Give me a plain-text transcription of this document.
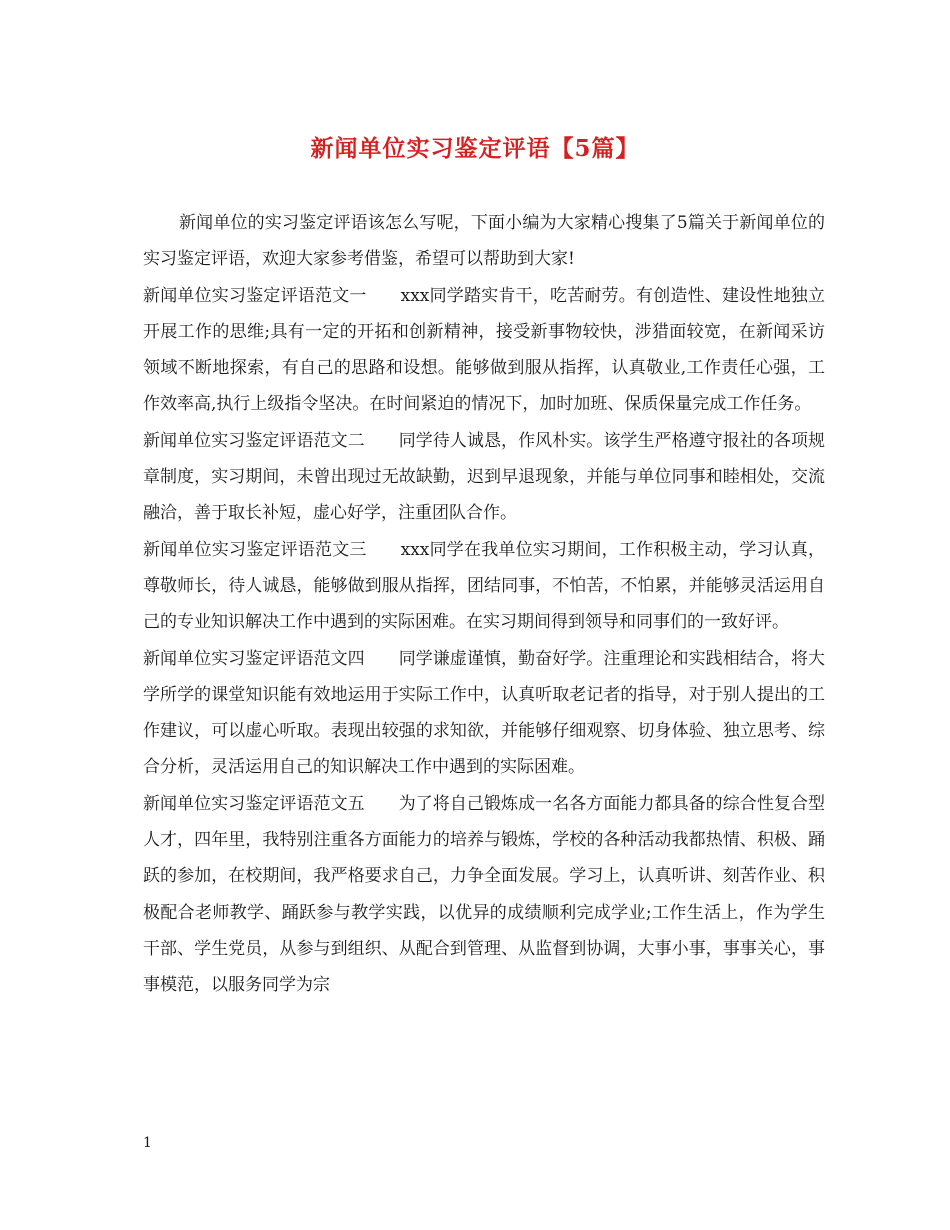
新闻单位实习鉴定评语【5篇】

新闻单位的实习鉴定评语该怎么写呢，下面小编为大家精心搜集了5篇关于新闻单位的实习鉴定评语，欢迎大家参考借鉴，希望可以帮助到大家!

新闻单位实习鉴定评语范文一 xxx同学踏实肯干，吃苦耐劳。有创造性、建设性地独立开展工作的思维;具有一定的开拓和创新精神，接受新事物较快，涉猎面较宽，在新闻采访领域不断地探索，有自己的思路和设想。能够做到服从指挥，认真敬业,工作责任心强，工作效率高,执行上级指令坚决。在时间紧迫的情况下，加时加班、保质保量完成工作任务。

新闻单位实习鉴定评语范文二 同学待人诚恳，作风朴实。该学生严格遵守报社的各项规章制度，实习期间，未曾出现过无故缺勤，迟到早退现象，并能与单位同事和睦相处，交流融洽，善于取长补短，虚心好学，注重团队合作。

新闻单位实习鉴定评语范文三 xxx同学在我单位实习期间，工作积极主动，学习认真，尊敬师长，待人诚恳，能够做到服从指挥，团结同事，不怕苦，不怕累，并能够灵活运用自己的专业知识解决工作中遇到的实际困难。在实习期间得到领导和同事们的一致好评。

新闻单位实习鉴定评语范文四 同学谦虚谨慎，勤奋好学。注重理论和实践相结合，将大学所学的课堂知识能有效地运用于实际工作中，认真听取老记者的指导，对于别人提出的工作建议，可以虚心听取。表现出较强的求知欲，并能够仔细观察、切身体验、独立思考、综合分析，灵活运用自己的知识解决工作中遇到的实际困难。

新闻单位实习鉴定评语范文五 为了将自己锻炼成一名各方面能力都具备的综合性复合型人才，四年里，我特别注重各方面能力的培养与锻炼，学校的各种活动我都热情、积极、踊跃的参加，在校期间，我严格要求自己，力争全面发展。学习上，认真听讲、刻苦作业、积极配合老师教学、踊跃参与教学实践，以优异的成绩顺利完成学业;工作生活上，作为学生干部、学生党员，从参与到组织、从配合到管理、从监督到协调，大事小事，事事关心，事事模范，以服务同学为宗

1
